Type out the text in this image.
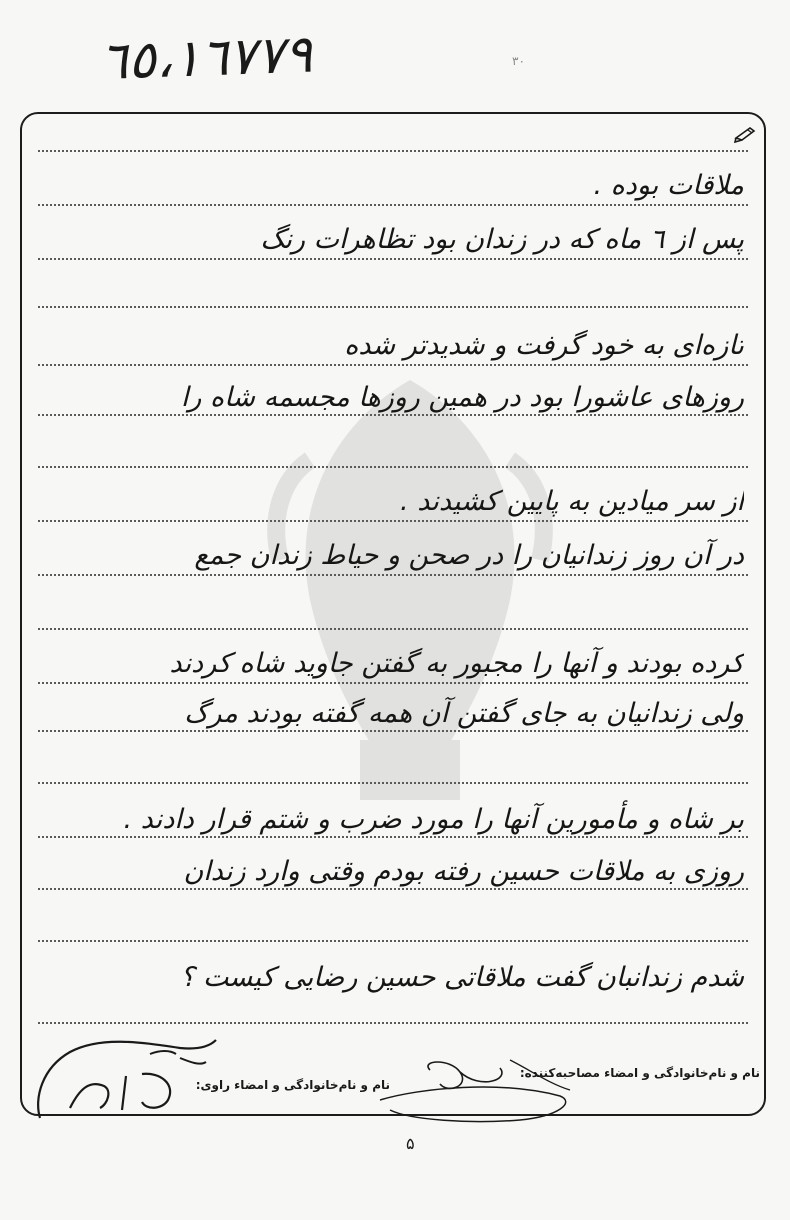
٦٥،١٦٧٧٩	٣٠
ملاقات بوده .
پس از ٦ ماه که در زندان بود تظاهرات رنگ
تازه‌ای به خود گرفت و شدیدتر شده
روزهای عاشورا بود در همین روزها مجسمه شاه را
از سر میادین به پایین کشیدند .
در آن روز زندانیان را در صحن و حیاط زندان جمع
کرده بودند و آنها را مجبور به گفتن جاوید شاه کردند
ولی زندانیان به جای گفتن آن همه گفته بودند مرگ
بر شاه و مأمورین آنها را مورد ضرب و شتم قرار دادند .
روزی به ملاقات حسین رفته بودم وقتی وارد زندان
شدم زندانبان گفت ملاقاتی حسین رضایی کیست ؟
نام و نام‌خانوادگی و امضاء مصاحبه‌کننده:
نام و نام‌خانوادگی و امضاء راوی:
۵
